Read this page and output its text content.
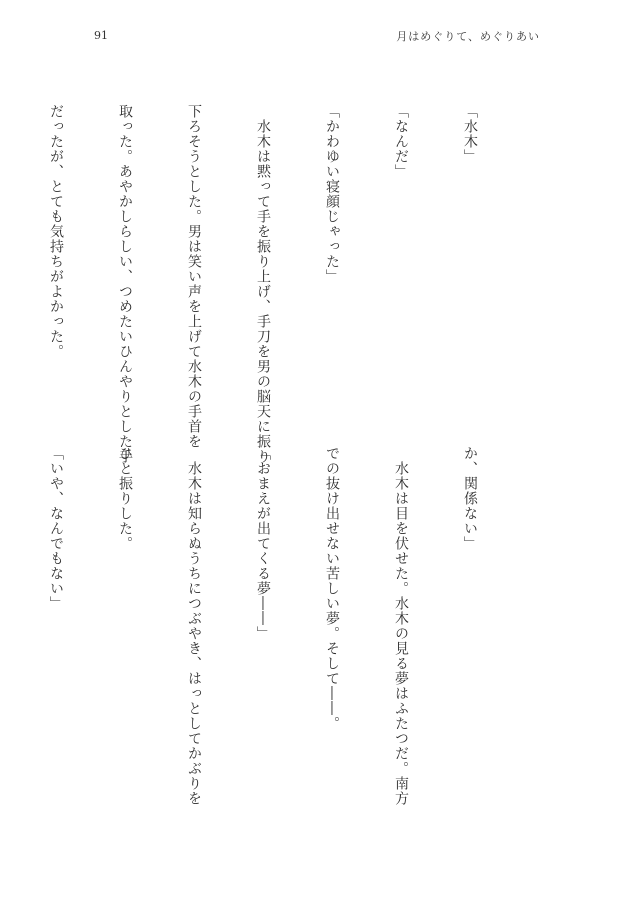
91	月はめぐりて、めぐりあい

「水木」

「なんだ」

「かわゆい寝顔じゃった」

　水木は黙って手を振り上げ、手刀を男の脳天に振り

下ろそうとした。男は笑い声を上げて水木の手首を

取った。あやかしらしい、つめたいひんやりとした手

だったが、とても気持ちがよかった。

か、関係ない」

　水木は目を伏せた。水木の見る夢はふたつだ。南方

での抜け出せない苦しい夢。そして――。

「おまえが出てくる夢――」

　水木は知らぬうちにつぶやき、はっとしてかぶりを

ひと振りした。

「いや、なんでもない」
